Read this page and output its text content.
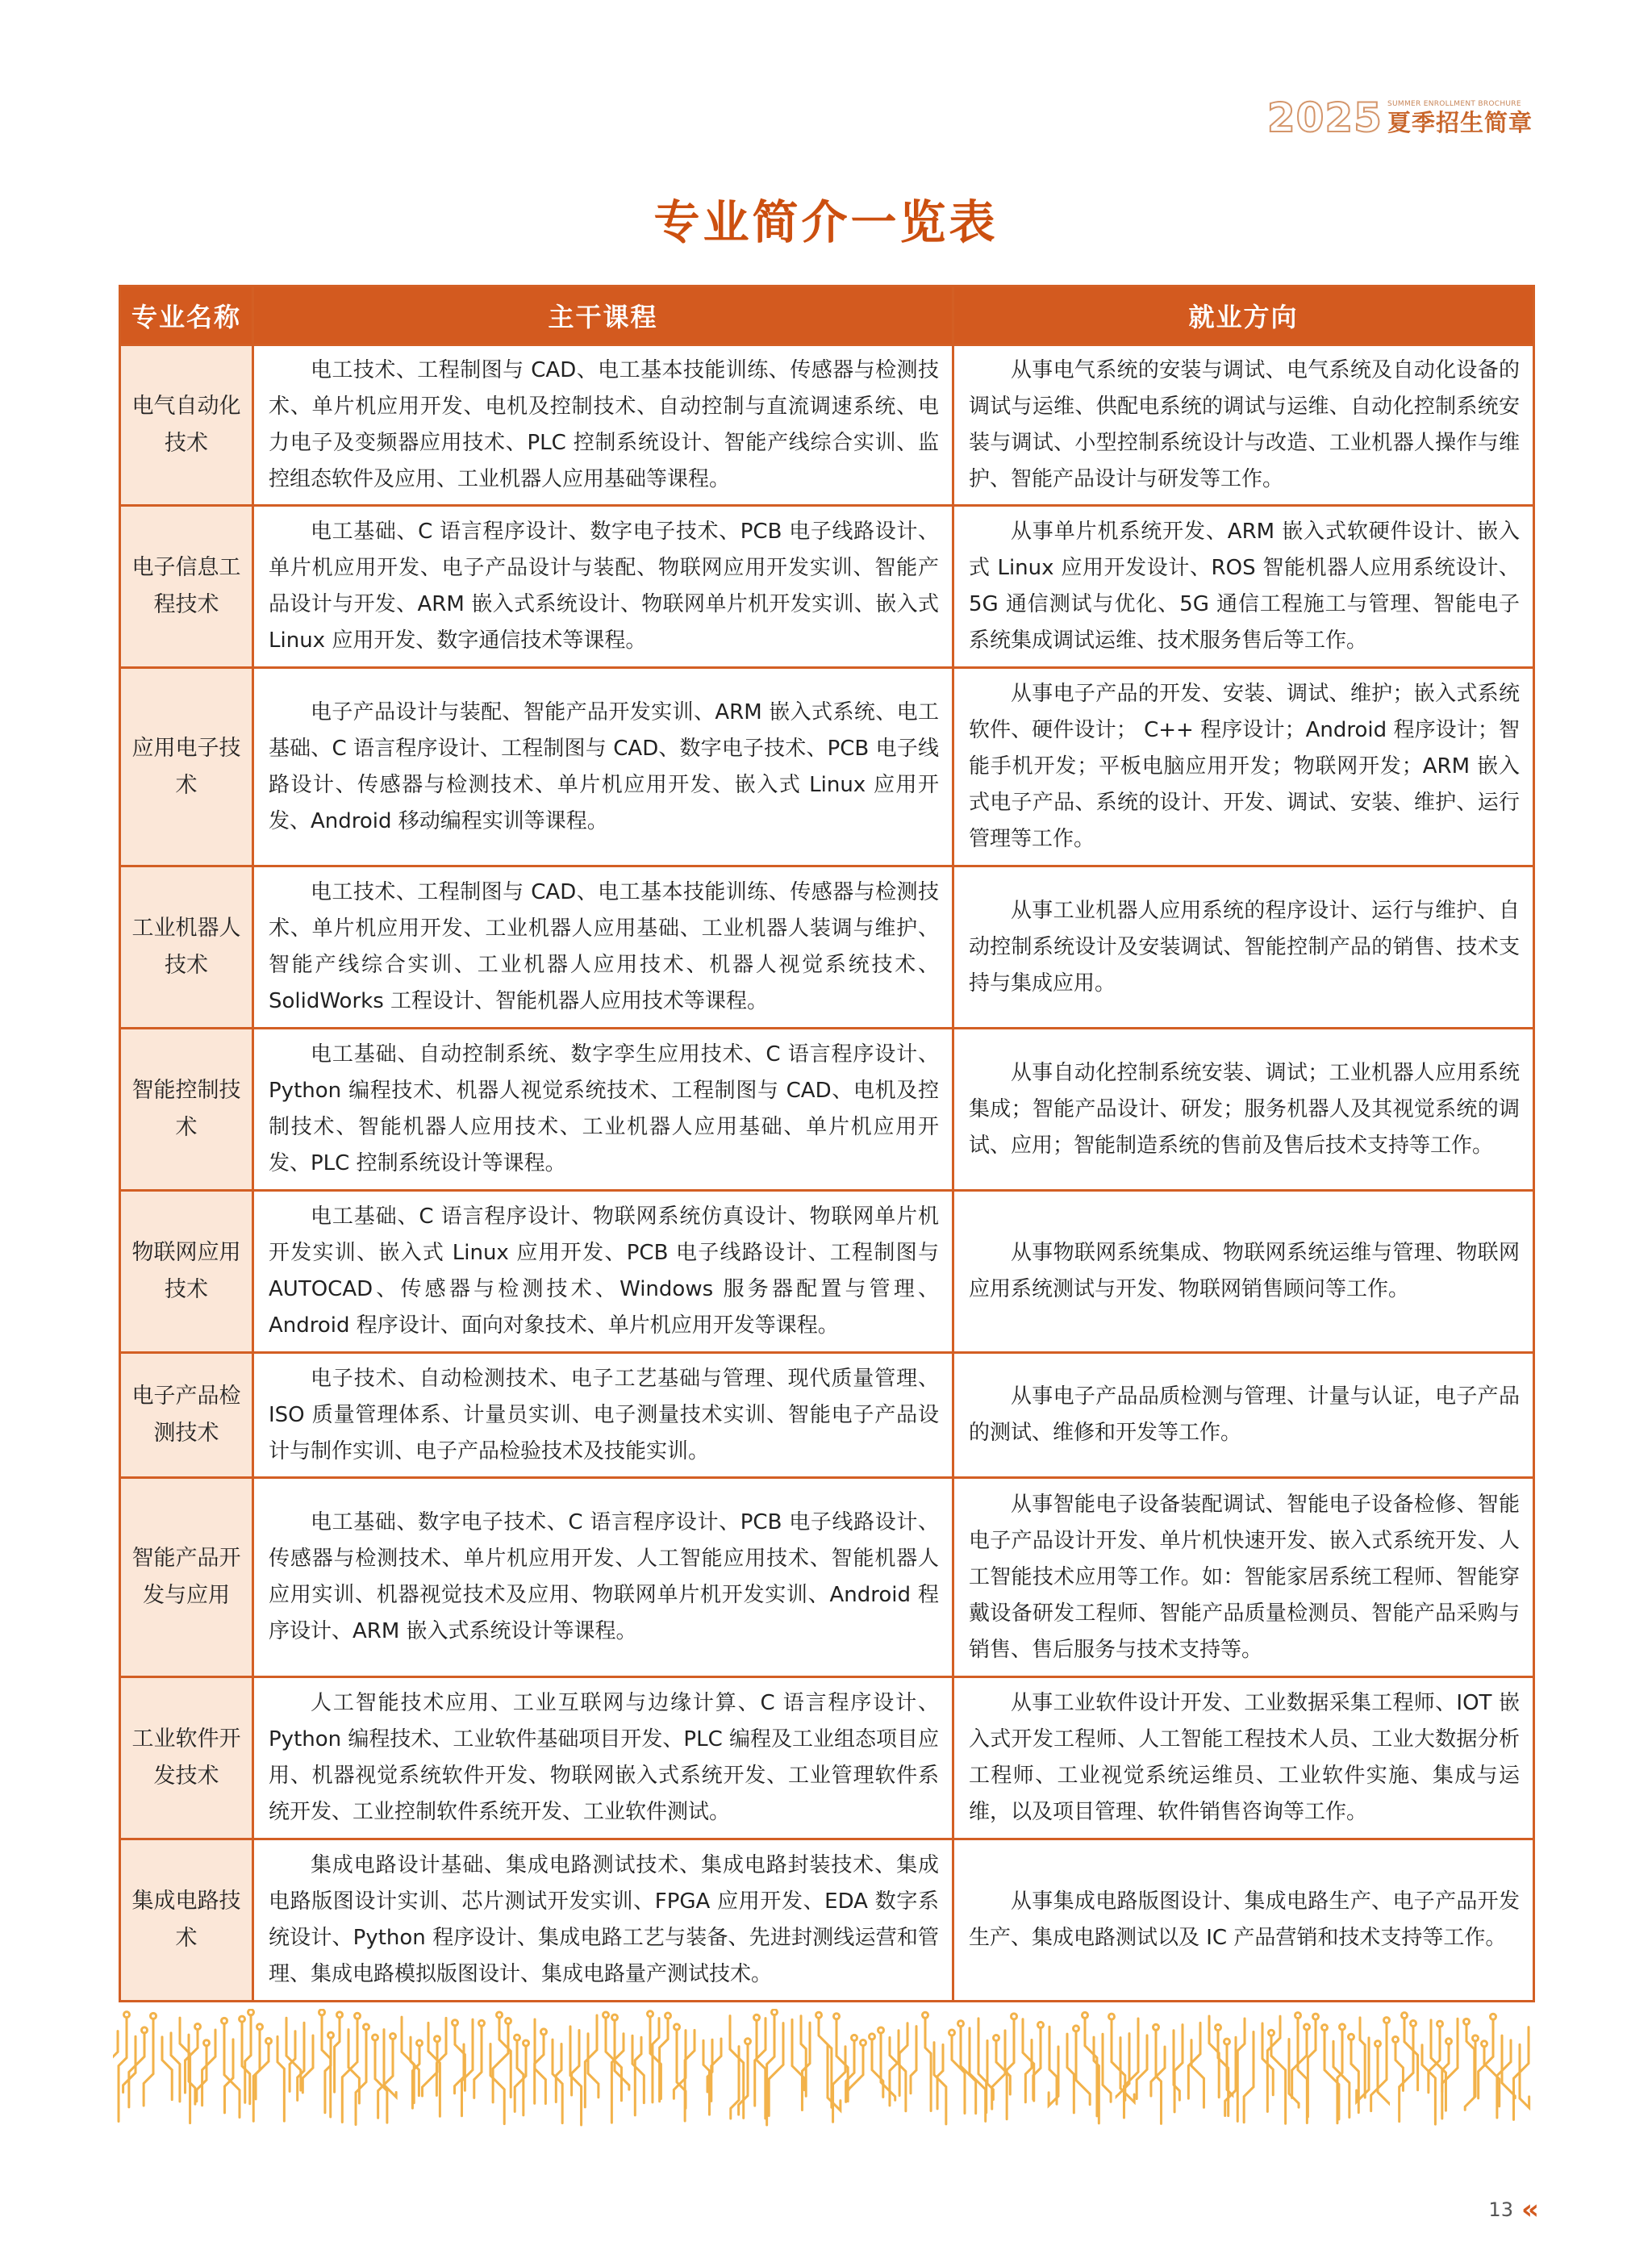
2025 SUMMER ENROLLMENT BROCHURE
夏季招生简章
专业简介一览表
专业名称	主干课程	就业方向
电气自动化技术	电工技术、工程制图与 CAD、电工基本技能训练、传感器与检测技术、单片机应用开发、电机及控制技术、自动控制与直流调速系统、电力电子及变频器应用技术、PLC 控制系统设计、智能产线综合实训、监控组态软件及应用、工业机器人应用基础等课程。	从事电气系统的安装与调试、电气系统及自动化设备的调试与运维、供配电系统的调试与运维、自动化控制系统安装与调试、小型控制系统设计与改造、工业机器人操作与维护、智能产品设计与研发等工作。

电子信息工程技术	电工基础、C 语言程序设计、数字电子技术、PCB 电子线路设计、单片机应用开发、电子产品设计与装配、物联网应用开发实训、智能产品设计与开发、ARM 嵌入式系统设计、物联网单片机开发实训、嵌入式 Linux 应用开发、数字通信技术等课程。	从事单片机系统开发、ARM 嵌入式软硬件设计、嵌入式 Linux 应用开发设计、ROS 智能机器人应用系统设计、5G 通信测试与优化、5G 通信工程施工与管理、智能电子系统集成调试运维、技术服务售后等工作。

应用电子技术	电子产品设计与装配、智能产品开发实训、ARM 嵌入式系统、电工基础、C 语言程序设计、工程制图与 CAD、数字电子技术、PCB 电子线路设计、传感器与检测技术、单片机应用开发、嵌入式 Linux 应用开发、Android 移动编程实训等课程。	从事电子产品的开发、安装、调试、维护；嵌入式系统软件、硬件设计； C++ 程序设计；Android 程序设计；智能手机开发；平板电脑应用开发；物联网开发；ARM 嵌入式电子产品、系统的设计、开发、调试、安装、维护、运行管理等工作。

工业机器人技术	电工技术、工程制图与 CAD、电工基本技能训练、传感器与检测技术、单片机应用开发、工业机器人应用基础、工业机器人装调与维护、智能产线综合实训、工业机器人应用技术、机器人视觉系统技术、SolidWorks 工程设计、智能机器人应用技术等课程。	从事工业机器人应用系统的程序设计、运行与维护、自动控制系统设计及安装调试、智能控制产品的销售、技术支持与集成应用。

智能控制技术	电工基础、自动控制系统、数字孪生应用技术、C 语言程序设计、Python 编程技术、机器人视觉系统技术、工程制图与 CAD、电机及控制技术、智能机器人应用技术、工业机器人应用基础、单片机应用开发、PLC 控制系统设计等课程。	从事自动化控制系统安装、调试；工业机器人应用系统集成；智能产品设计、研发；服务机器人及其视觉系统的调试、应用；智能制造系统的售前及售后技术支持等工作。

物联网应用技术	电工基础、C 语言程序设计、物联网系统仿真设计、物联网单片机开发实训、嵌入式 Linux 应用开发、PCB 电子线路设计、工程制图与 AUTOCAD、传感器与检测技术、Windows 服务器配置与管理、Android 程序设计、面向对象技术、单片机应用开发等课程。	从事物联网系统集成、物联网系统运维与管理、物联网应用系统测试与开发、物联网销售顾问等工作。

电子产品检测技术	电子技术、自动检测技术、电子工艺基础与管理、现代质量管理、ISO 质量管理体系、计量员实训、电子测量技术实训、智能电子产品设计与制作实训、电子产品检验技术及技能实训。	从事电子产品品质检测与管理、计量与认证，电子产品的测试、维修和开发等工作。

智能产品开发与应用	电工基础、数字电子技术、C 语言程序设计、PCB 电子线路设计、传感器与检测技术、单片机应用开发、人工智能应用技术、智能机器人应用实训、机器视觉技术及应用、物联网单片机开发实训、Android 程序设计、ARM 嵌入式系统设计等课程。	从事智能电子设备装配调试、智能电子设备检修、智能电子产品设计开发、单片机快速开发、嵌入式系统开发、人工智能技术应用等工作。如：智能家居系统工程师、智能穿戴设备研发工程师、智能产品质量检测员、智能产品采购与销售、售后服务与技术支持等。

工业软件开发技术	人工智能技术应用、工业互联网与边缘计算、C 语言程序设计、Python 编程技术、工业软件基础项目开发、PLC 编程及工业组态项目应用、机器视觉系统软件开发、物联网嵌入式系统开发、工业管理软件系统开发、工业控制软件系统开发、工业软件测试。	从事工业软件设计开发、工业数据采集工程师、IOT 嵌入式开发工程师、人工智能工程技术人员、工业大数据分析工程师、工业视觉系统运维员、工业软件实施、集成与运维，以及项目管理、软件销售咨询等工作。

集成电路技术	集成电路设计基础、集成电路测试技术、集成电路封装技术、集成电路版图设计实训、芯片测试开发实训、FPGA 应用开发、EDA 数字系统设计、Python 程序设计、集成电路工艺与装备、先进封测线运营和管理、集成电路模拟版图设计、集成电路量产测试技术。	从事集成电路版图设计、集成电路生产、电子产品开发生产、集成电路测试以及 IC 产品营销和技术支持等工作。
13 ‹‹
